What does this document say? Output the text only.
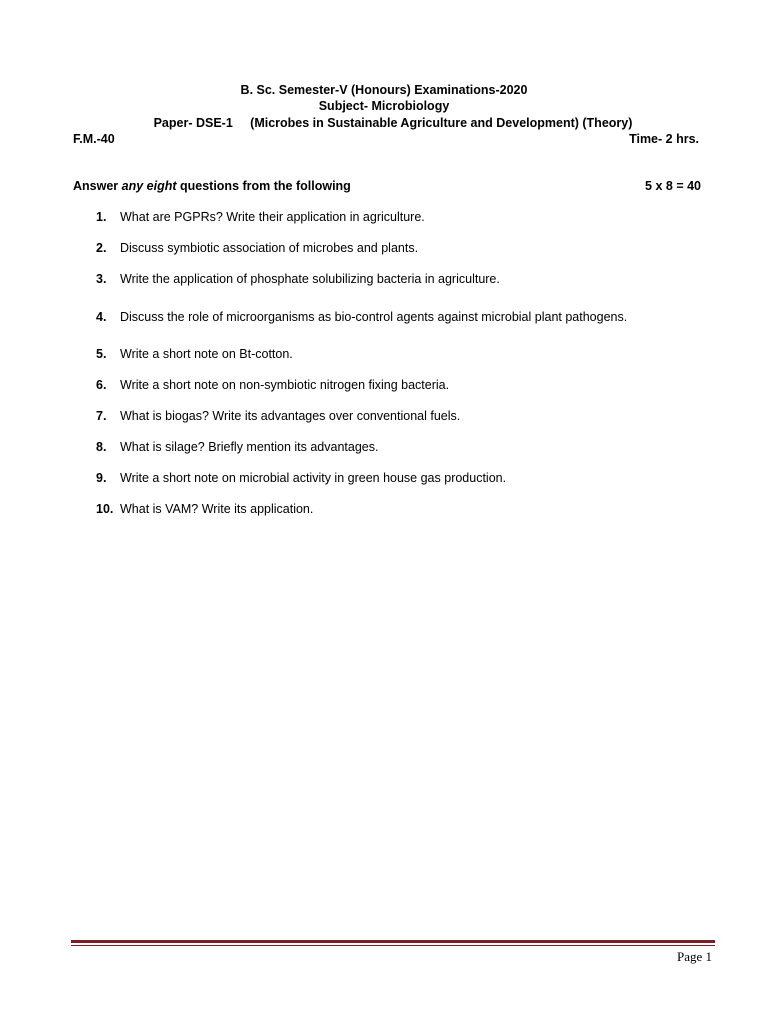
B. Sc. Semester-V (Honours) Examinations-2020
Subject- Microbiology
Paper- DSE-1     (Microbes in Sustainable Agriculture and Development) (Theory)
F.M.-40	Time- 2 hrs.
Answer any eight questions from the following	5 x 8 = 40
1. What are PGPRs? Write their application in agriculture.
2. Discuss symbiotic association of microbes and plants.
3. Write the application of phosphate solubilizing bacteria in agriculture.
4. Discuss the role of microorganisms as bio-control agents against microbial plant pathogens.
5. Write a short note on Bt-cotton.
6. Write a short note on non-symbiotic nitrogen fixing bacteria.
7. What is biogas? Write its advantages over conventional fuels.
8. What is silage? Briefly mention its advantages.
9. Write a short note on microbial activity in green house gas production.
10. What is VAM? Write its application.
Page 1
